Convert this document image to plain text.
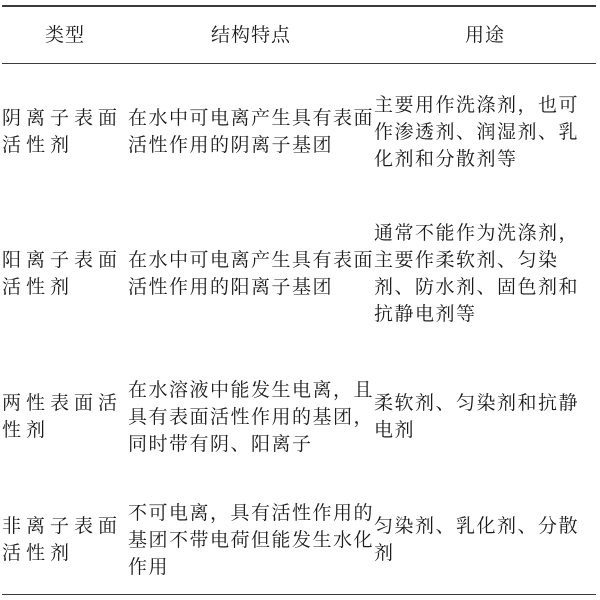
类型	结构特点	用途

阴离子表面活性剂	在水中可电离产生具有表面活性作用的阴离子基团	主要用作洗涤剂，也可作渗透剂、润湿剂、乳化剂和分散剂等

阳离子表面活性剂	在水中可电离产生具有表面活性作用的阳离子基团	通常不能作为洗涤剂，主要作柔软剂、匀染剂、防水剂、固色剂和抗静电剂等

两性表面活性剂	在水溶液中能发生电离，且具有表面活性作用的基团，同时带有阴、阳离子	柔软剂、匀染剂和抗静电剂

非离子表面活性剂	不可电离，具有活性作用的基团不带电荷但能发生水化作用	匀染剂、乳化剂、分散剂
